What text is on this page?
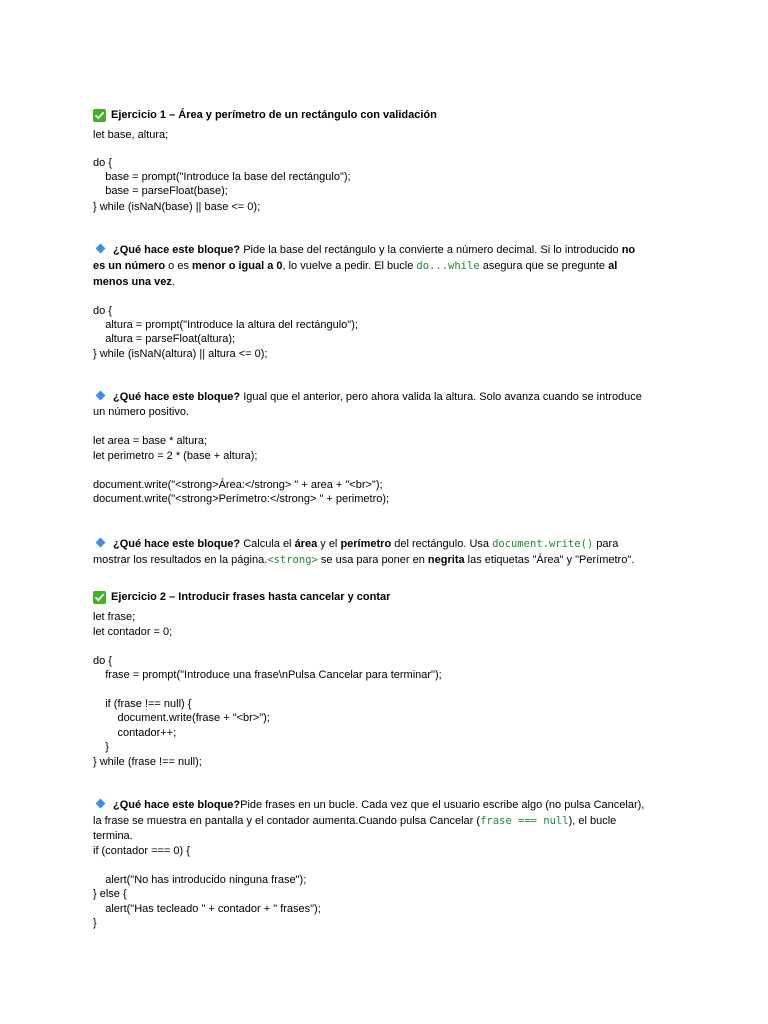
Ejercicio 1 – Área y perímetro de un rectángulo con validación
let base, altura;
do {
base = prompt("Introduce la base del rectángulo");
base = parseFloat(base);
} while (isNaN(base) || base <= 0);
¿Qué hace este bloque? Pide la base del rectángulo y la convierte a número decimal. Si lo introducido no
es un número o es menor o igual a 0, lo vuelve a pedir. El bucle do...while asegura que se pregunte al
menos una vez.
do {
altura = prompt("Introduce la altura del rectángulo");
altura = parseFloat(altura);
} while (isNaN(altura) || altura <= 0);
¿Qué hace este bloque? Igual que el anterior, pero ahora valida la altura. Solo avanza cuando se introduce
un número positivo.
let area = base * altura;
let perimetro = 2 * (base + altura);
document.write("<strong>Área:</strong> " + area + "<br>");
document.write("<strong>Perímetro:</strong> " + perimetro);
¿Qué hace este bloque? Calcula el área y el perímetro del rectángulo. Usa document.write() para
mostrar los resultados en la página.<strong> se usa para poner en negrita las etiquetas "Área" y "Perímetro".
Ejercicio 2 – Introducir frases hasta cancelar y contar
let frase;
let contador = 0;
do {
frase = prompt("Introduce una frase\nPulsa Cancelar para terminar");
if (frase !== null) {
document.write(frase + "<br>");
contador++;
}
} while (frase !== null);
¿Qué hace este bloque?Pide frases en un bucle. Cada vez que el usuario escribe algo (no pulsa Cancelar),
la frase se muestra en pantalla y el contador aumenta.Cuando pulsa Cancelar (frase === null), el bucle
termina.
if (contador === 0) {
alert("No has introducido ninguna frase");
} else {
alert("Has tecleado " + contador + " frases");
}
